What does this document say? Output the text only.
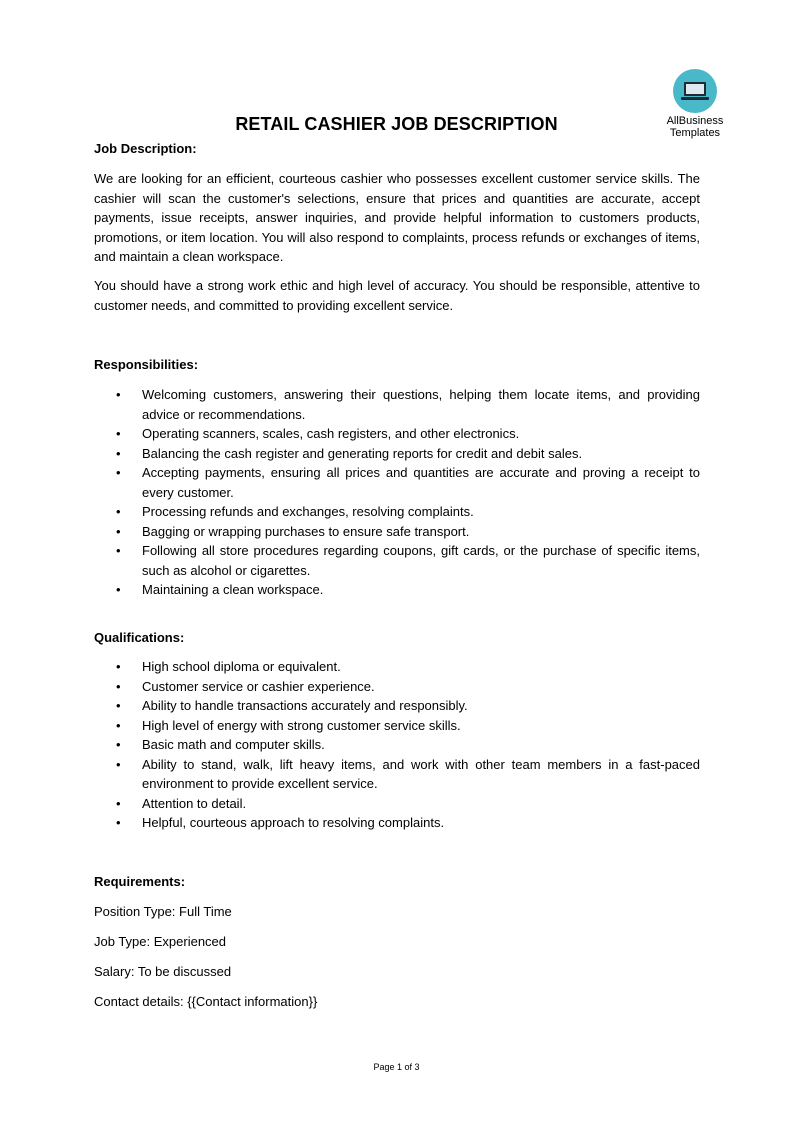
AllBusiness
Templates
RETAIL CASHIER JOB DESCRIPTION
Job Description:

We are looking for an efficient, courteous cashier who possesses excellent customer service skills. The cashier will scan the customer's selections, ensure that prices and quantities are accurate, accept payments, issue receipts, answer inquiries, and provide helpful information to customers products, promotions, or item location. You will also respond to complaints, process refunds or exchanges of items, and maintain a clean workspace.

You should have a strong work ethic and high level of accuracy. You should be responsible, attentive to customer needs, and committed to providing excellent service.

Responsibilities:
• Welcoming customers, answering their questions, helping them locate items, and providing advice or recommendations.
• Operating scanners, scales, cash registers, and other electronics.
• Balancing the cash register and generating reports for credit and debit sales.
• Accepting payments, ensuring all prices and quantities are accurate and proving a receipt to every customer.
• Processing refunds and exchanges, resolving complaints.
• Bagging or wrapping purchases to ensure safe transport.
• Following all store procedures regarding coupons, gift cards, or the purchase of specific items, such as alcohol or cigarettes.
• Maintaining a clean workspace.
Qualifications:
• High school diploma or equivalent.
• Customer service or cashier experience.
• Ability to handle transactions accurately and responsibly.
• High level of energy with strong customer service skills.
• Basic math and computer skills.
• Ability to stand, walk, lift heavy items, and work with other team members in a fast-paced environment to provide excellent service.
• Attention to detail.
• Helpful, courteous approach to resolving complaints.
Requirements:

Position Type: Full Time

Job Type: Experienced

Salary: To be discussed

Contact details: {{Contact information}}

Page 1 of 3
